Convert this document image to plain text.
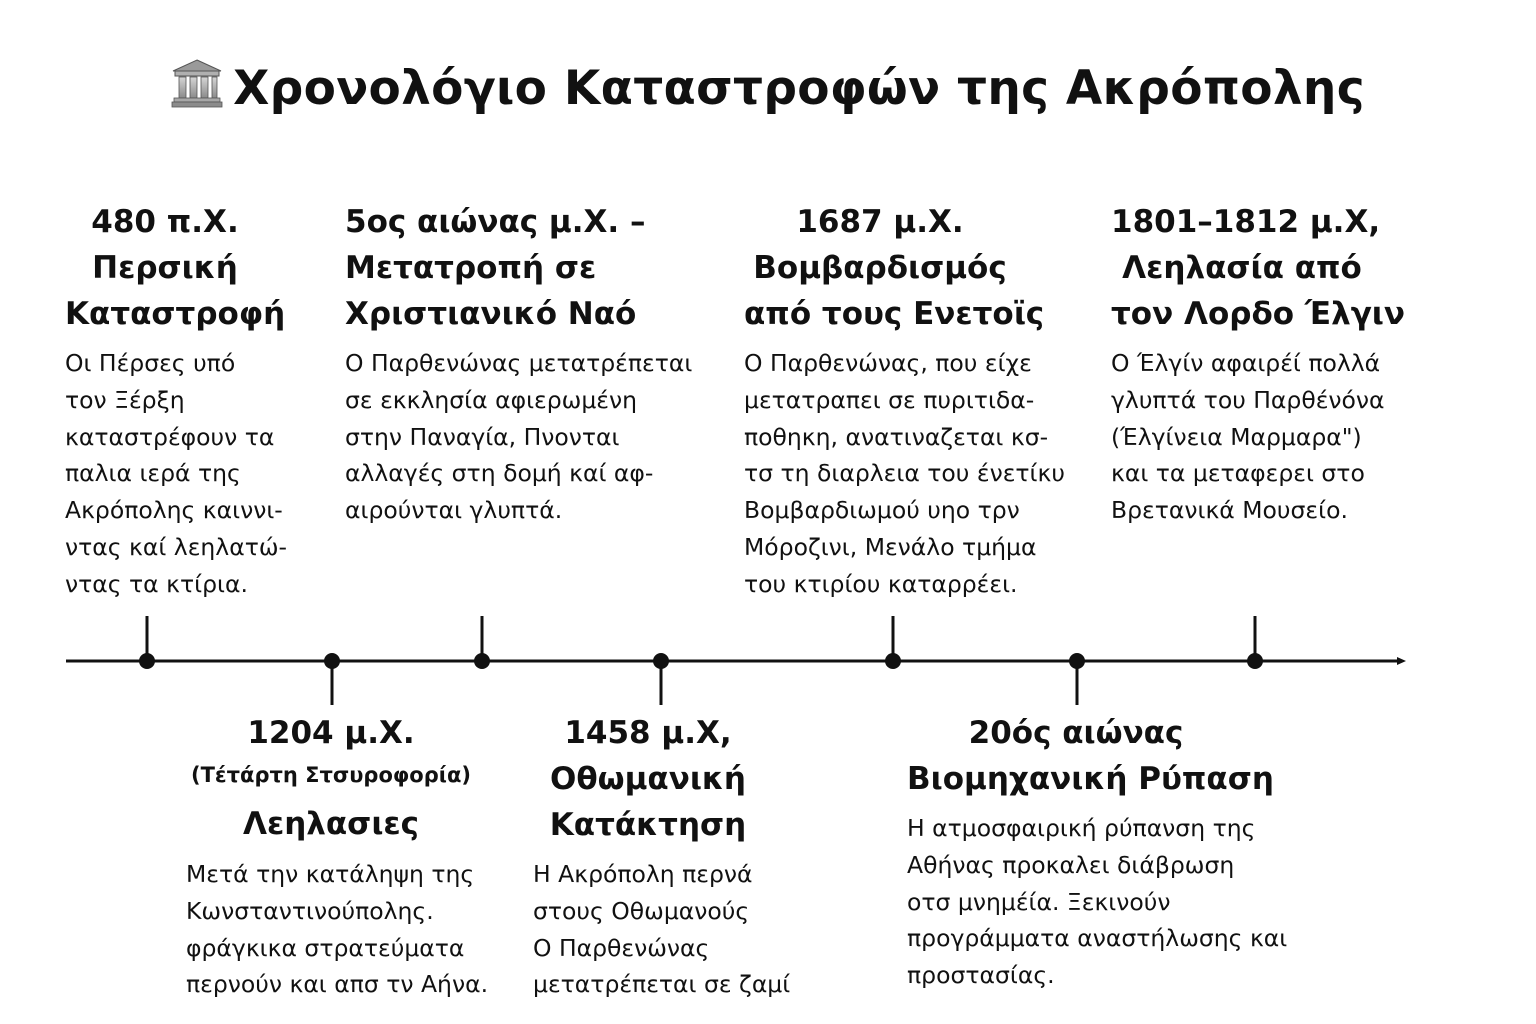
Χρονολόγιο Καταστροφών της Ακρόπολης
480 π.Χ.
Περσική
Καταστροφή
Οι Πέρσες υπό
τον Ξέρξη
καταστρέφουν τα
παλια ιερά της
Ακρόπολης καιννι-
ντας καί λεηλατώ-
ντας τα κτίρια.
5ος αιώνας μ.Χ. –
Μετατροπή σε
Χριστιανικό Ναό
Ο Παρθενώνας μετατρέπεται
σε εκκλησία αφιερωμένη
στην Παναγία, Πνονται
αλλαγές στη δομή καί αφ-
αιρούνται γλυπτά.
1687 μ.Χ.
Βομβαρδισμός
από τους Ενετοϊς
Ο Παρθενώνας, που είχε
μετατραπει σε πυριτιδα-
ποθηκη, ανατιναζεται κσ-
τσ τη διαρλεια του ένετίκυ
Βομβαρδιωμού υηο τρν
Μόροζινι, Μενάλο τμήμα
του κτιρίου καταρρέει.
1801–1812 μ.Χ,
Λεηλασία από
τον Λορδο Έλγιν
Ο Έλγίν αφαιρέί πολλά
γλυπτά του Παρθένόνα
(Έλγίνεια Μαρμαρα")
και τα μεταφερει στο
Βρετανικά Μουσείο.
1204 μ.Χ.
(Τέτάρτη Στσυροφορία)
Λεηλασιες
Μετά την κατάληψη της
Κωνσταντινούπολης.
φράγκικα στρατεύματα
περνούν και απσ τν Αήνα.
1458 μ.Χ,
Οθωμανική
Κατάκτηση
Η Ακρόπολη περνά
στους Οθωμανούς
Ο Παρθενώνας
μετατρέπεται σε ζαμί
20ός αιώνας
Βιομηχανική Ρύπαση
Η ατμοσφαιρική ρύπανση της
Αθήνας προκαλει διάβρωση
οτσ μνημέία. Ξεκινούν
προγράμματα αναστήλωσης και
προστασίας.
